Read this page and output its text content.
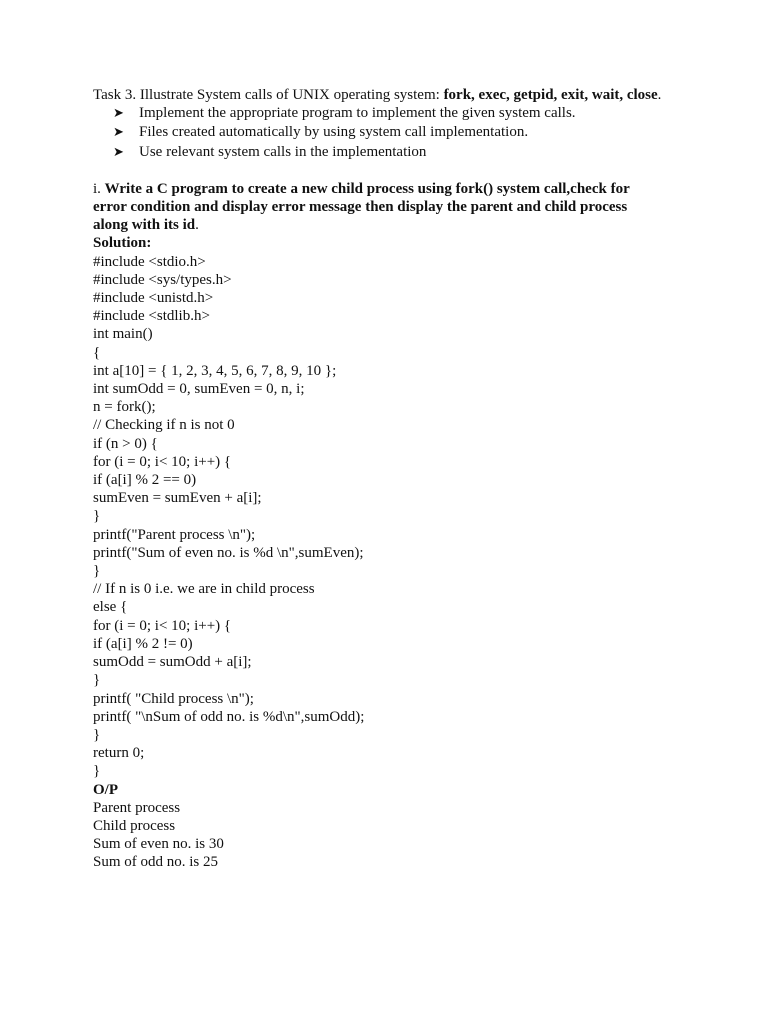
Task 3. Illustrate System calls of UNIX operating system: fork, exec, getpid, exit, wait, close.
➤	Implement the appropriate program to implement the given system calls.
➤	Files created automatically by using system call implementation.
➤	Use relevant system calls in the implementation
i. Write a C program to create a new child process using fork() system call,check for error condition and display error message then display the parent and child process along with its id.
Solution:
#include <stdio.h>
#include <sys/types.h>
#include <unistd.h>
#include <stdlib.h>
int main()
{
int a[10] = { 1, 2, 3, 4, 5, 6, 7, 8, 9, 10 };
int sumOdd = 0, sumEven = 0, n, i;
n = fork();
// Checking if n is not 0
if (n > 0) {
for (i = 0; i< 10; i++) {
if (a[i] % 2 == 0)
sumEven = sumEven + a[i];
}
printf("Parent process \n");
printf("Sum of even no. is %d \n",sumEven);
}
// If n is 0 i.e. we are in child process
else {
for (i = 0; i< 10; i++) {
if (a[i] % 2 != 0)
sumOdd = sumOdd + a[i];
}
printf( "Child process \n");
printf( "\nSum of odd no. is %d\n",sumOdd);
}
return 0;
}
O/P
Parent process
Child process
Sum of even no. is 30
Sum of odd no. is 25
